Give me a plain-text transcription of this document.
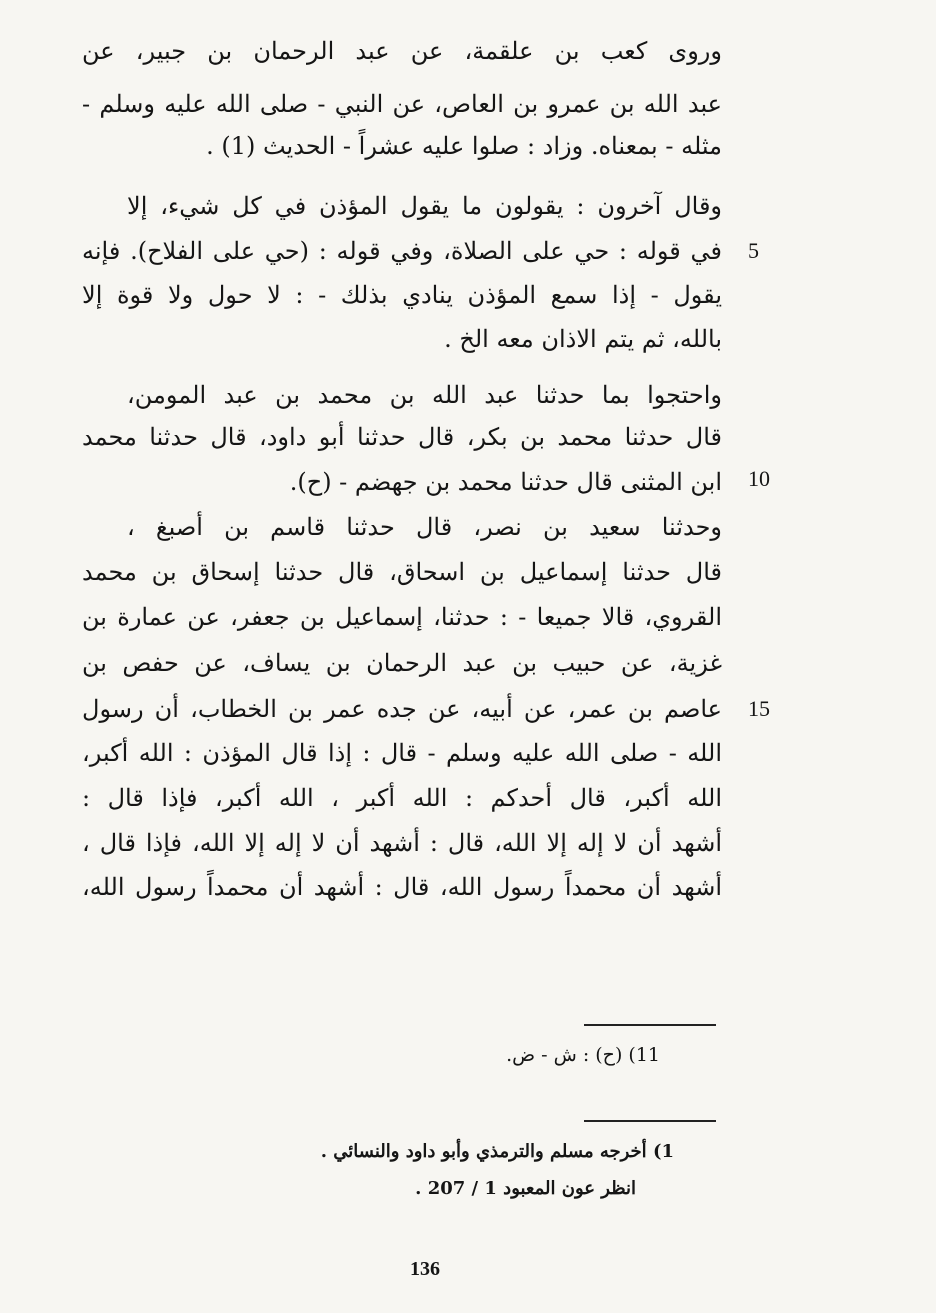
وروى كعب بن علقمة، عن عبد الرحمان بن جبير، عن
عبد الله بن عمرو بن العاص، عن النبي - صلى الله عليه وسلم -
مثله - بمعناه. وزاد : صلوا عليه عشراً - الحديث (1) .
وقال آخرون : يقولون ما يقول المؤذن في كل شيء، إلا
في قوله : حي على الصلاة، وفي قوله : (حي على الفلاح). فإنه 5
يقول - إذا سمع المؤذن ينادي بذلك - : لا حول ولا قوة إلا
بالله، ثم يتم الاذان معه الخ .
واحتجوا بما حدثنا عبد الله بن محمد بن عبد المومن،
قال حدثنا محمد بن بكر، قال حدثنا أبو داود، قال حدثنا محمد
ابن المثنى قال حدثنا محمد بن جهضم - (ح). 10
وحدثنا سعيد بن نصر، قال حدثنا قاسم بن أصبغ ،
قال حدثنا إسماعيل بن اسحاق، قال حدثنا إسحاق بن محمد
القروي، قالا جميعا - : حدثنا، إسماعيل بن جعفر، عن عمارة بن
غزية، عن حبيب بن عبد الرحمان بن يساف، عن حفص بن
عاصم بن عمر، عن أبيه، عن جده عمر بن الخطاب، أن رسول 15
الله - صلى الله عليه وسلم - قال : إذا قال المؤذن : الله أكبر،
الله أكبر، قال أحدكم : الله أكبر ، الله أكبر، فإذا قال :
أشهد أن لا إله إلا الله، قال : أشهد أن لا إله إلا الله، فإذا قال ،
أشهد أن محمداً رسول الله، قال : أشهد أن محمداً رسول الله،
11) (ح) : ش - ض.
1) أخرجه مسلم والترمذي وأبو داود والنسائي .
انظر عون المعبود 1 / 207 .
136
